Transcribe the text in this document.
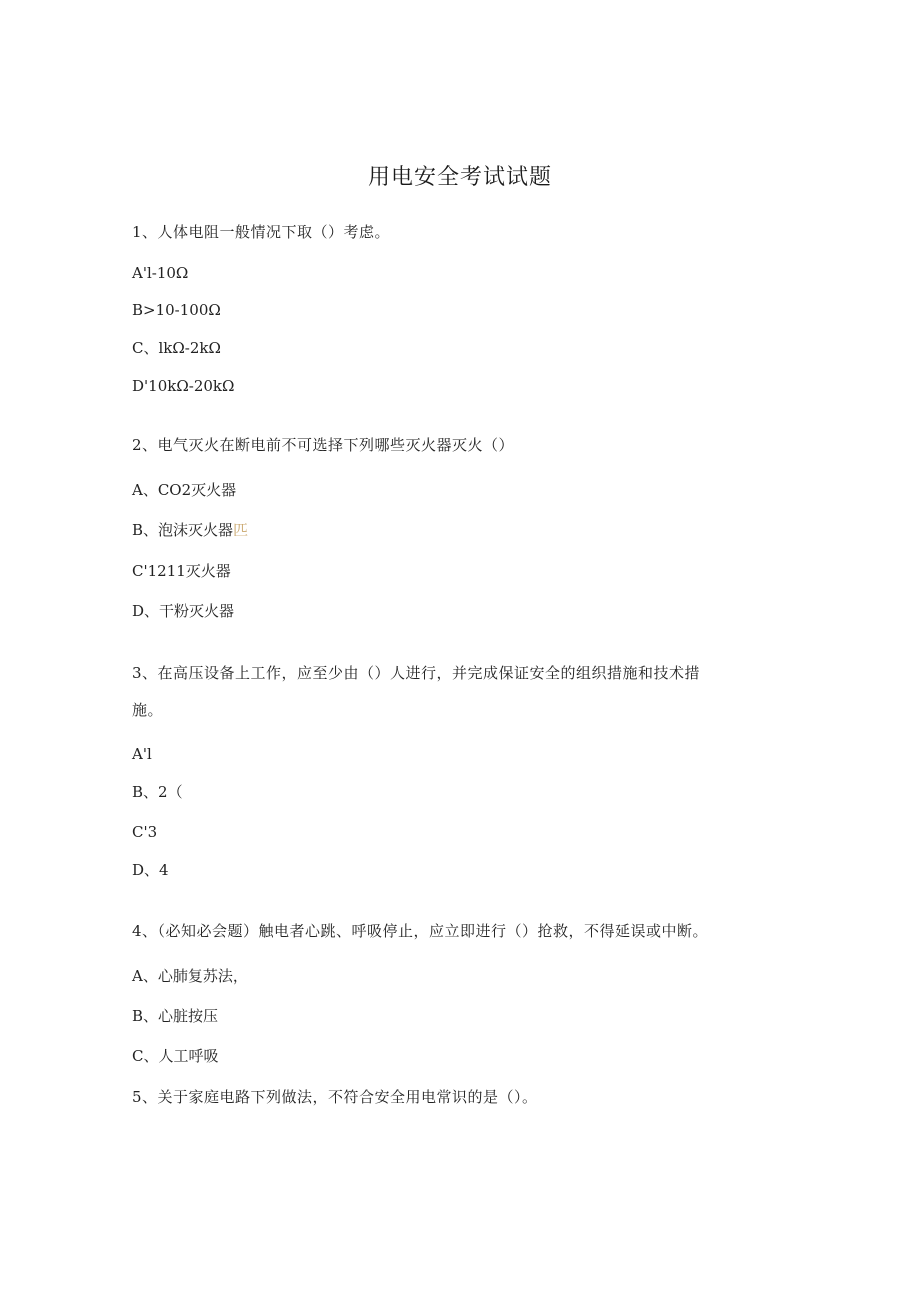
用电安全考试试题
1、人体电阻一般情况下取（）考虑。
A'l-10Ω
B>10-100Ω
C、lkΩ-2kΩ
D'10kΩ-20kΩ
2、电气灭火在断电前不可选择下列哪些灭火器灭火（）
A、CO2灭火器
B、泡沫灭火器匹
C'1211灭火器
D、干粉灭火器
3、在高压设备上工作，应至少由（）人进行，并完成保证安全的组织措施和技术措
施。
A'l
B、2（
C'3
D、4
4、（必知必会题）触电者心跳、呼吸停止，应立即进行（）抢救，不得延误或中断。
A、心肺复苏法，
B、心脏按压
C、人工呼吸
5、关于家庭电路下列做法，不符合安全用电常识的是（）。
